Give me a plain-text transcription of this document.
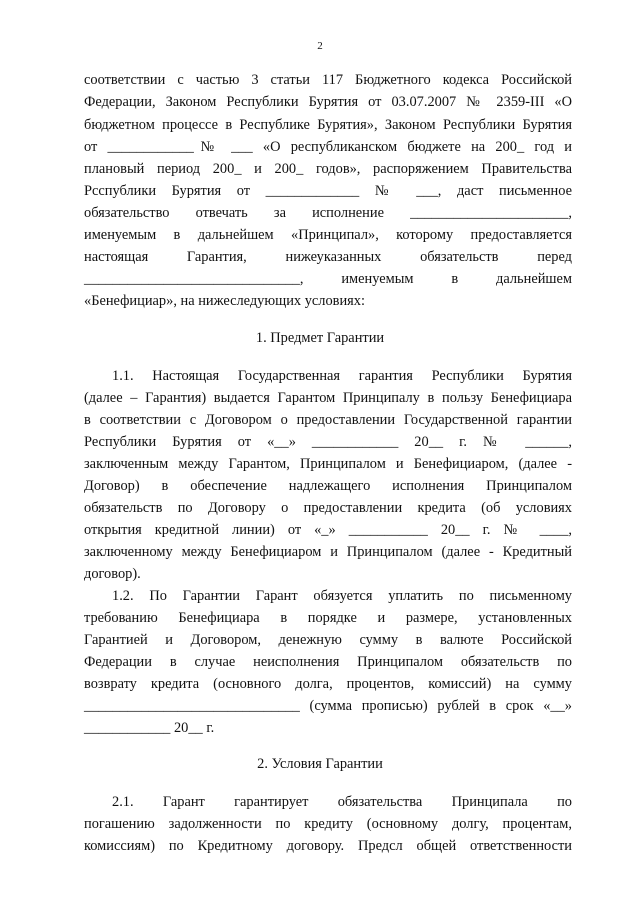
2
соответствии с частью 3 статьи 117 Бюджетного кодекса Российской
Федерации, Законом Республики Бурятия от 03.07.2007 № 2359-III «О
бюджетном процессе в Республике Бурятия», Законом Республики Бурятия
от ____________№ ___ «О республиканском бюджете на 200_ год и
плановый период 200_ и 200_ годов», распоряжением Правительства
Рсспублики Бурятия от _____________ № ___, даст письменное
обязательство отвечать за исполнение ______________________,
именуемым в дальнейшем «Принципал», которому предоставляется
настоящая Гарантия, нижеуказанных обязательств перед
______________________________, именуемым в дальнейшем
«Бенефициар», на нижеследующих условиях:
1. Предмет Гарантии
1.1. Настоящая Государственная гарантия Республики Бурятия
(далее – Гарантия) выдается Гарантом Принципалу в пользу Бенефициара
в соответствии с Договором о предоставлении Государственной гарантии
Республики Бурятия от «__» ____________ 20__ г. № ______,
заключенным между Гарантом, Принципалом и Бенефициаром, (далее -
Договор) в обеспечение надлежащего исполнения Принципалом
обязательств по Договору о предоставлении кредита (об условиях
открытия кредитной линии) от «_» ___________ 20__ г. № ____,
заключенному между Бенефициаром и Принципалом (далее - Кредитный
договор).
1.2. По Гарантии Гарант обязуется уплатить по письменному
требованию Бенефициара в порядке и размере, установленных
Гарантией и Договором, денежную сумму в валюте Российской
Федерации в случае неисполнения Принципалом обязательств по
возврату кредита (основного долга, процентов, комиссий) на сумму
______________________________ (сумма прописью) рублей в срок «__»
____________ 20__ г.
2. Условия Гарантии
2.1. Гарант гарантирует обязательства Принципала по
погашению задолженности по кредиту (основному долгу, процентам,
комиссиям) по Кредитному договору. Предсл общей ответственности
